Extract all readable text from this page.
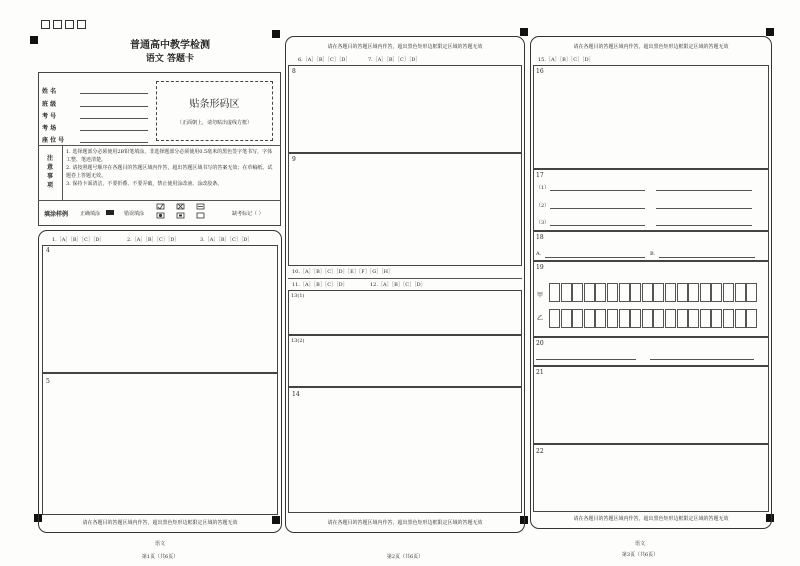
普通高中教学检测
语文 答题卡
姓 名
班 级
考 号
考 场
座 位 号
贴条形码区
（正面朝上，请勿贴出虚线方框）
注
意
事
项
1. 选择题部分必须使用2B铅笔填涂，非选择题部分必须使用0.5毫米的黑色签字笔书写，字体工整、笔迹清楚。
2. 请按照题号顺序在各题目的答题区域内作答，超出答题区域书写的答案无效；在草稿纸、试题卷上答题无效。
3. 保持卡面清洁，不要折叠、不要弄破，禁止使用涂改液、涂改胶条。
填涂样例 正确填涂	错误填涂	缺考标记（ ）
1.［A］［B］［C］［D］	2.［A］［B］［C］［D］	3.［A］［B］［C］［D］
4
5
请在各题目的答题区域内作答，超出黑色矩形边框限定区域的答题无效
语文
第1页（共6页）
请在各题目的答题区域内作答，超出黑色矩形边框限定区域的答题无效
6.［A］［B］［C］［D］	7.［A］［B］［C］［D］
8
9
10.［A］［B］［C］［D］［E］［F］［G］［H］
11.［A］［B］［C］［D］	12.［A］［B］［C］［D］
13(1)
13(2)
14
请在各题目的答题区域内作答，超出黑色矩形边框限定区域的答题无效
第2页（共6页）
请在各题目的答题区域内作答，超出黑色矩形边框限定区域的答题无效
15.［A］［B］［C］［D］
16
17
（1）
（2）
（3）
18
A.	B.
19
甲
乙
20
21
22
请在各题目的答题区域内作答，超出黑色矩形边框限定区域的答题无效
语文
第3页（共6页）
